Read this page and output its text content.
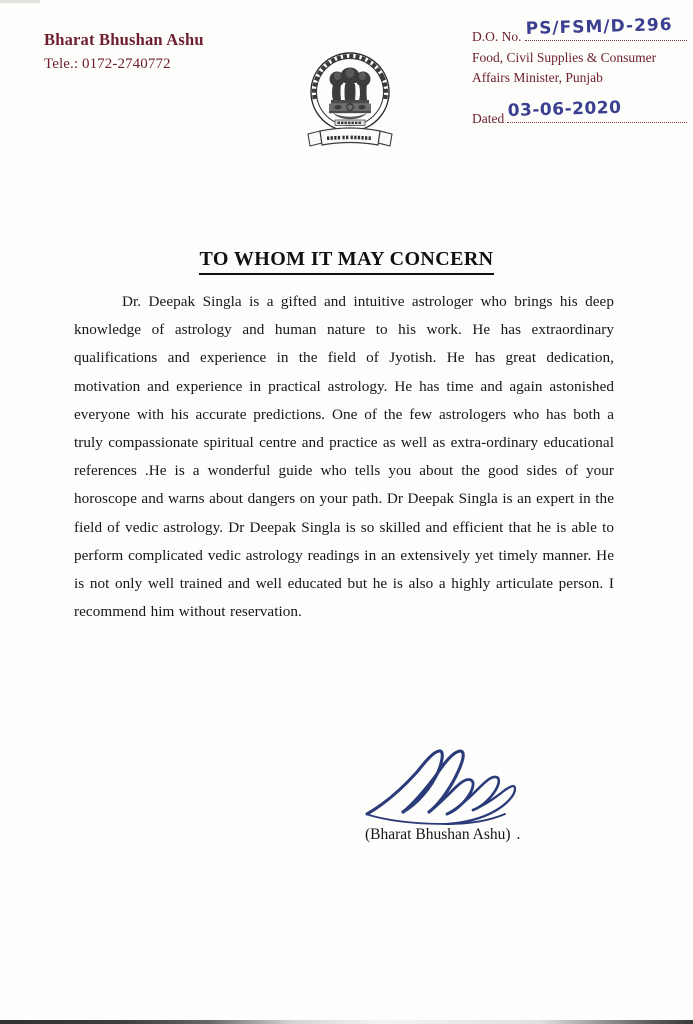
Bharat Bhushan Ashu
Tele.: 0172-2740772
D.O. No. PS/FSM/D-296
Food, Civil Supplies & Consumer
Affairs Minister, Punjab
Dated 03-06-2020
TO WHOM IT MAY CONCERN
Dr. Deepak Singla is a gifted and intuitive astrologer who brings his deep knowledge of astrology and human nature to his work. He has extraordinary qualifications and experience in the field of Jyotish. He has great dedication, motivation and experience in practical astrology. He has time and again astonished everyone with his accurate predictions. One of the few astrologers who has both a truly compassionate spiritual centre and practice as well as extra-ordinary educational references .He is a wonderful guide who tells you about the good sides of your horoscope and warns about dangers on your path. Dr Deepak Singla is an expert in the field of vedic astrology. Dr Deepak Singla is so skilled and efficient that he is able to perform complicated vedic astrology readings in an extensively yet timely manner. He is not only well trained and well educated but he is also a highly articulate person. I recommend him without reservation.
(Bharat Bhushan Ashu) .
